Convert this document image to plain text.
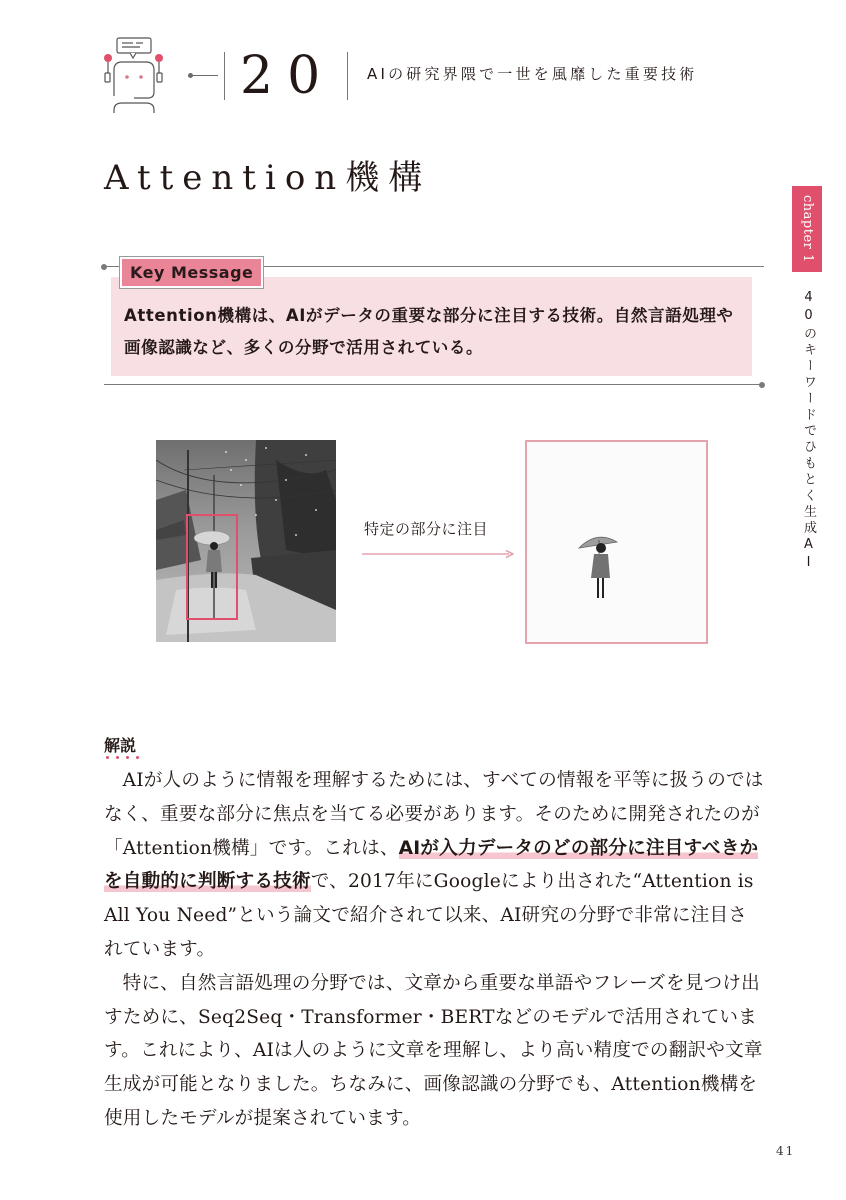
20	AIの研究界隈で一世を風靡した重要技術
Attention機構
chapter 1
40のキーワードでひもとく生成AI
Key Message
Attention機構は、AIがデータの重要な部分に注目する技術。自然言語処理や画像認識など、多くの分野で活用されている。
特定の部分に注目
解説

AIが人のように情報を理解するためには、すべての情報を平等に扱うのではなく、重要な部分に焦点を当てる必要があります。そのために開発されたのが「Attention機構」です。これは、AIが入力データのどの部分に注目すべきかを自動的に判断する技術で、2017年にGoogleにより出された“Attention is All You Need”という論文で紹介されて以来、AI研究の分野で非常に注目されています。

特に、自然言語処理の分野では、文章から重要な単語やフレーズを見つけ出すために、Seq2Seq・Transformer・BERTなどのモデルで活用されています。これにより、AIは人のように文章を理解し、より高い精度での翻訳や文章生成が可能となりました。ちなみに、画像認識の分野でも、Attention機構を使用したモデルが提案されています。

41
